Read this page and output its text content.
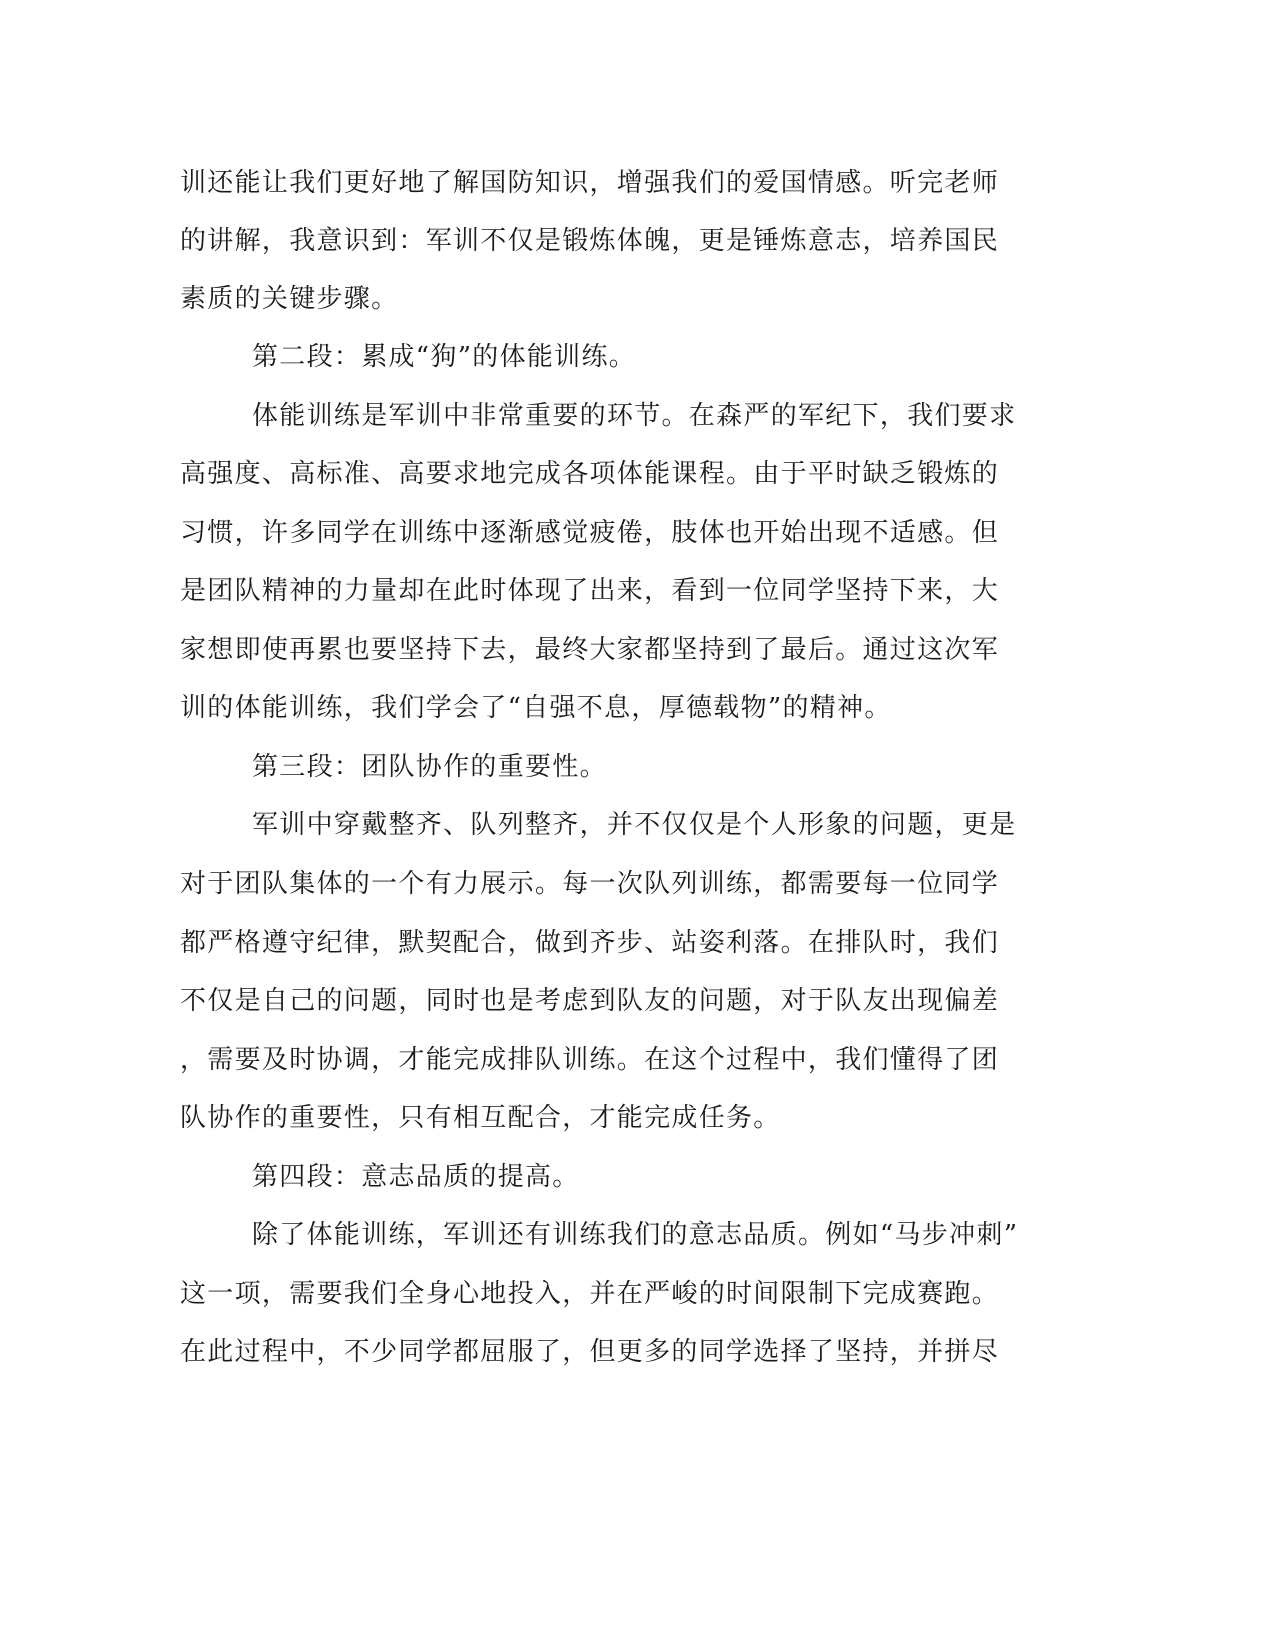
训还能让我们更好地了解国防知识，增强我们的爱国情感。听完老师
的讲解，我意识到：军训不仅是锻炼体魄，更是锤炼意志，培养国民
素质的关键步骤。
第二段：累成“狗”的体能训练。
体能训练是军训中非常重要的环节。在森严的军纪下，我们要求
高强度、高标准、高要求地完成各项体能课程。由于平时缺乏锻炼的
习惯，许多同学在训练中逐渐感觉疲倦，肢体也开始出现不适感。但
是团队精神的力量却在此时体现了出来，看到一位同学坚持下来，大
家想即使再累也要坚持下去，最终大家都坚持到了最后。通过这次军
训的体能训练，我们学会了“自强不息，厚德载物”的精神。
第三段：团队协作的重要性。
军训中穿戴整齐、队列整齐，并不仅仅是个人形象的问题，更是
对于团队集体的一个有力展示。每一次队列训练，都需要每一位同学
都严格遵守纪律，默契配合，做到齐步、站姿利落。在排队时，我们
不仅是自己的问题，同时也是考虑到队友的问题，对于队友出现偏差
，需要及时协调，才能完成排队训练。在这个过程中，我们懂得了团
队协作的重要性，只有相互配合，才能完成任务。
第四段：意志品质的提高。
除了体能训练，军训还有训练我们的意志品质。例如“马步冲刺”
这一项，需要我们全身心地投入，并在严峻的时间限制下完成赛跑。
在此过程中，不少同学都屈服了，但更多的同学选择了坚持，并拼尽
